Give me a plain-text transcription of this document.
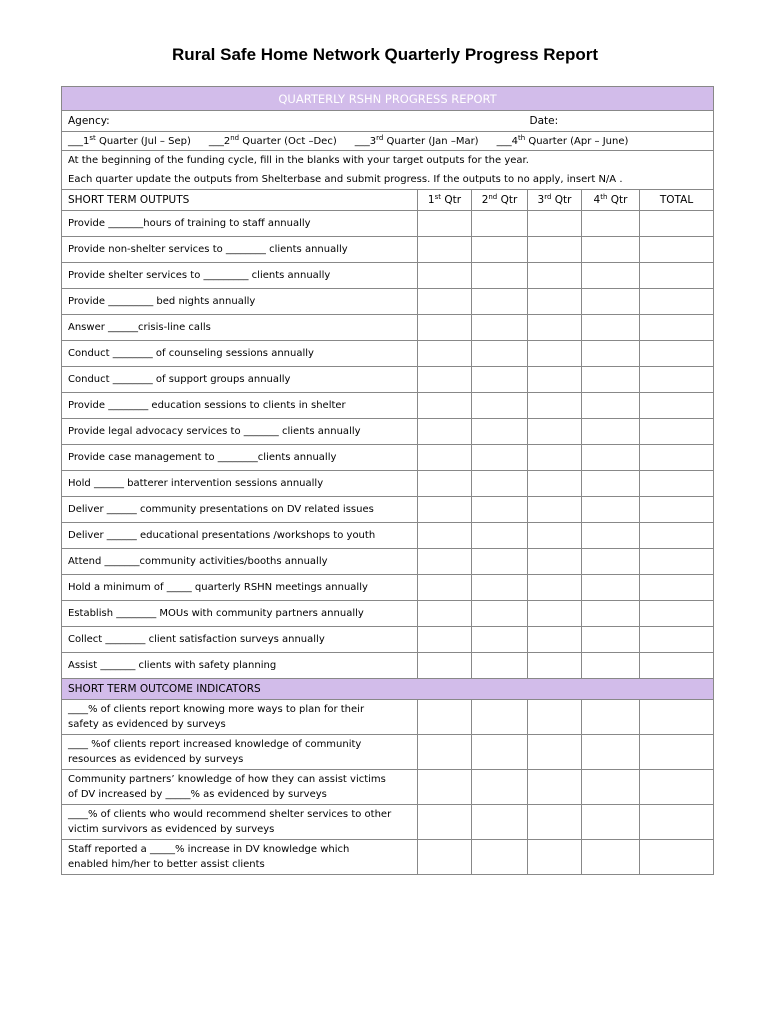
Rural Safe Home Network Quarterly Progress Report
QUARTERLY RSHN PROGRESS REPORT					
Agency:			Date:		
___1st Quarter (Jul – Sep) ___2nd Quarter (Oct –Dec) ___3rd Quarter (Jan –Mar) ___4th Quarter (Apr – June)					

At the beginning of the funding cycle, fill in the blanks with your target outputs for the year.
Each quarter update the outputs from Shelterbase and submit progress. If the outputs to no apply, insert N/A .					

SHORT TERM OUTPUTS	1st Qtr	2nd Qtr	3rd Qtr	4th Qtr	TOTAL
Provide _______hours of training to staff annually					
Provide non-shelter services to ________ clients annually					
Provide shelter services to _________ clients annually					
Provide _________ bed nights annually					
Answer ______crisis-line calls					
Conduct ________ of counseling sessions annually					
Conduct ________ of support groups annually					
Provide ________ education sessions to clients in shelter					
Provide legal advocacy services to _______ clients annually					
Provide case management to ________clients annually					
Hold ______ batterer intervention sessions annually					
Deliver ______ community presentations on DV related issues					
Deliver ______ educational presentations /workshops to youth					
Attend _______community activities/booths annually					
Hold a minimum of _____ quarterly RSHN meetings annually					
Establish ________ MOUs with community partners annually					
Collect ________ client satisfaction surveys annually					
Assist _______ clients with safety planning					
SHORT TERM OUTCOME INDICATORS					

____% of clients report knowing more ways to plan for their
safety as evidenced by surveys					

____ %of clients report increased knowledge of community
resources as evidenced by surveys					

Community partners’ knowledge of how they can assist victims
of DV increased by _____% as evidenced by surveys					

____% of clients who would recommend shelter services to other
victim survivors as evidenced by surveys					

Staff reported a _____% increase in DV knowledge which
enabled him/her to better assist clients					
